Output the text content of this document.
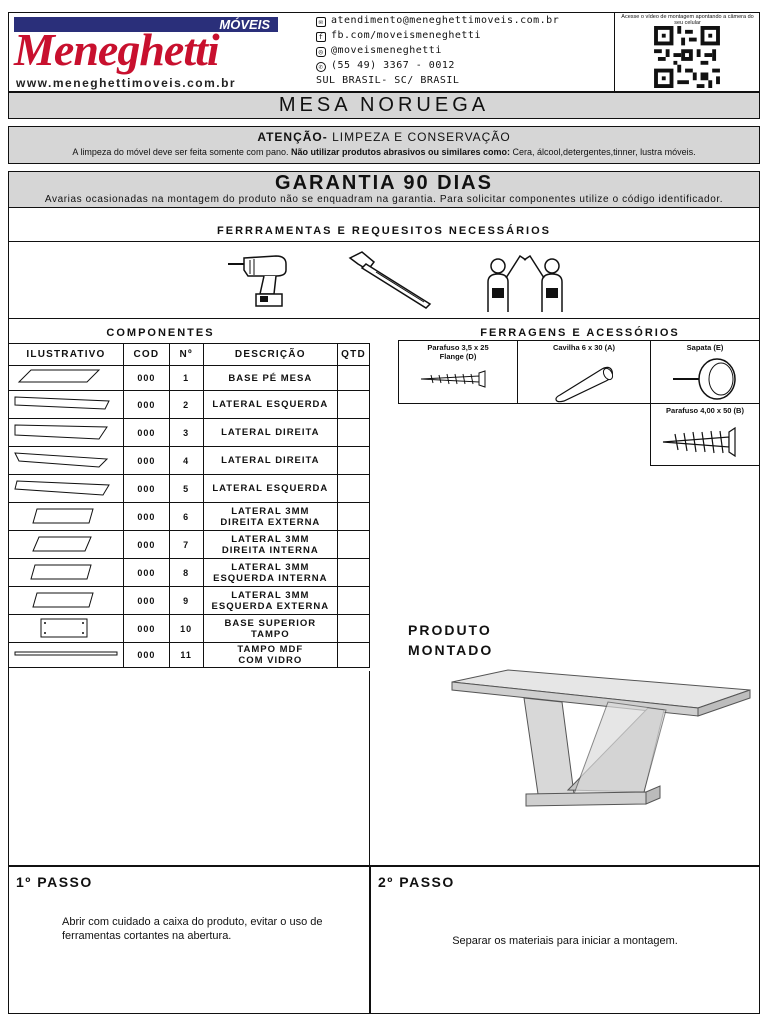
MÓVEIS
Meneghetti
www.meneghettimoveis.com.br
✉ atendimento@meneghettimoveis.com.br
f fb.com/moveismeneghetti
◎ @moveismeneghetti
✆ (55 49) 3367 - 0012
SUL BRASIL- SC/ BRASIL
Acesse o vídeo de montagem apontando a câmera do seu celular
MESA NORUEGA
ATENÇÃO- LIMPEZA E CONSERVAÇÃO
A limpeza do móvel deve ser feita somente com pano. Não utilizar produtos abrasivos ou similares como: Cera, álcool,detergentes,tinner, lustra móveis.
GARANTIA 90 DIAS
Avarias ocasionadas na montagem do produto não se enquadram na garantia. Para solicitar componentes utilize o código identificador.
FERRRAMENTAS E REQUESITOS NECESSÁRIOS
COMPONENTES
ILUSTRATIVO	COD	Nº	DESCRIÇÃO	QTD
	000	1	BASE PÉ MESA	
	000	2	LATERAL ESQUERDA	
	000	3	LATERAL DIREITA	
	000	4	LATERAL DIREITA	
	000	5	LATERAL ESQUERDA	
	000	6	LATERAL 3MM
DIREITA EXTERNA	
	000	7	LATERAL 3MM
DIREITA INTERNA	
	000	8	LATERAL 3MM
ESQUERDA INTERNA	
	000	9	LATERAL 3MM
ESQUERDA EXTERNA	
	000	10	BASE SUPERIOR
TAMPO	
	000	11	TAMPO MDF
COM VIDRO	
FERRAGENS E ACESSÓRIOS
Parafuso 3,5 x 25
Flange (D)
Cavilha 6 x 30 (A)	Sapata (E)
Parafuso 4,00 x 50 (B)
PRODUTO
MONTADO
1º PASSO
Abrir com cuidado a caixa do produto, evitar o uso de ferramentas cortantes na abertura.
2º PASSO
Separar os materiais para iniciar a montagem.
